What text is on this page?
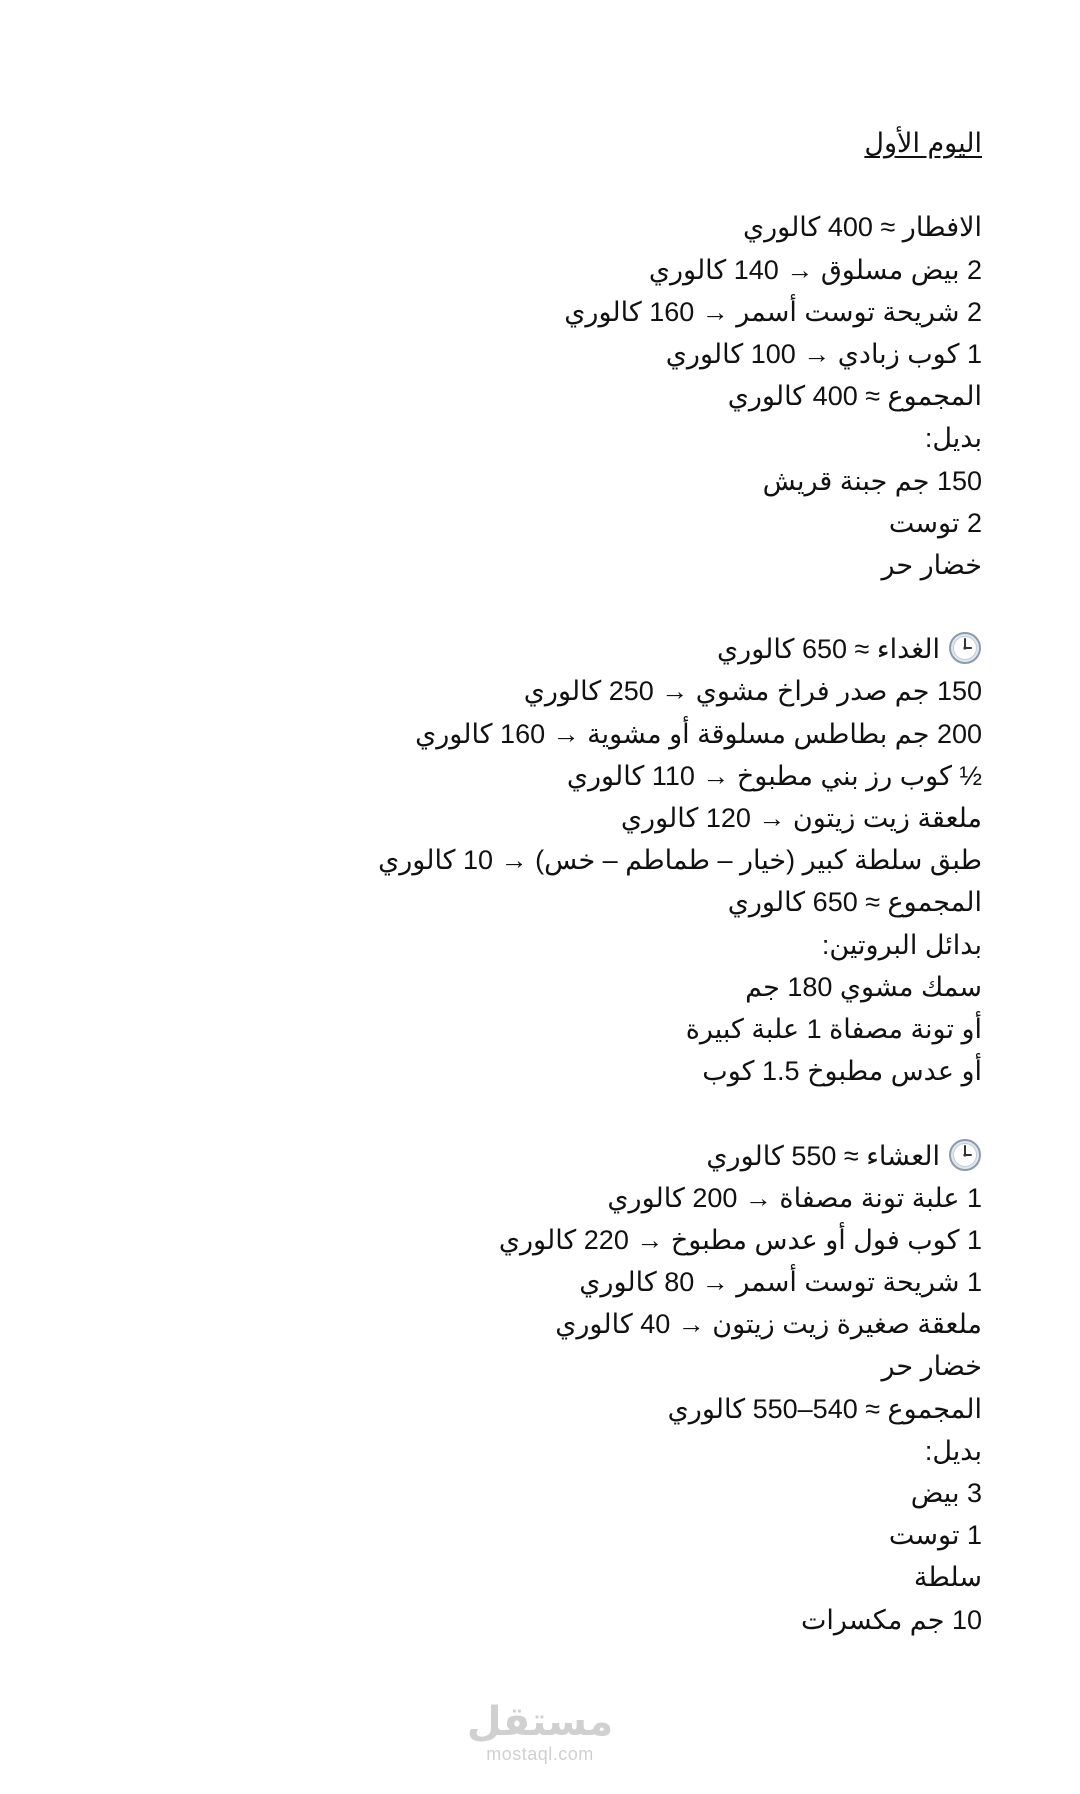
اليوم الأول
الافطار ≈ 400 كالوري
2 بيض مسلوق → 140 كالوري
2 شريحة توست أسمر → 160 كالوري
1 كوب زبادي → 100 كالوري
المجموع ≈ 400 كالوري
بديل:
150 جم جبنة قريش
2 توست
خضار حر
الغداء ≈ 650 كالوري
150 جم صدر فراخ مشوي → 250 كالوري
200 جم بطاطس مسلوقة أو مشوية → 160 كالوري
½ كوب رز بني مطبوخ → 110 كالوري
ملعقة زيت زيتون → 120 كالوري
طبق سلطة كبير (خيار – طماطم – خس) → 10 كالوري
المجموع ≈ 650 كالوري
بدائل البروتين:
سمك مشوي 180 جم
أو تونة مصفاة 1 علبة كبيرة
أو عدس مطبوخ 1.5 كوب
العشاء ≈ 550 كالوري
1 علبة تونة مصفاة → 200 كالوري
1 كوب فول أو عدس مطبوخ → 220 كالوري
1 شريحة توست أسمر → 80 كالوري
ملعقة صغيرة زيت زيتون → 40 كالوري
خضار حر
المجموع ≈ 540–550 كالوري
بديل:
3 بيض
1 توست
سلطة
10 جم مكسرات
مستقل
mostaql.com
